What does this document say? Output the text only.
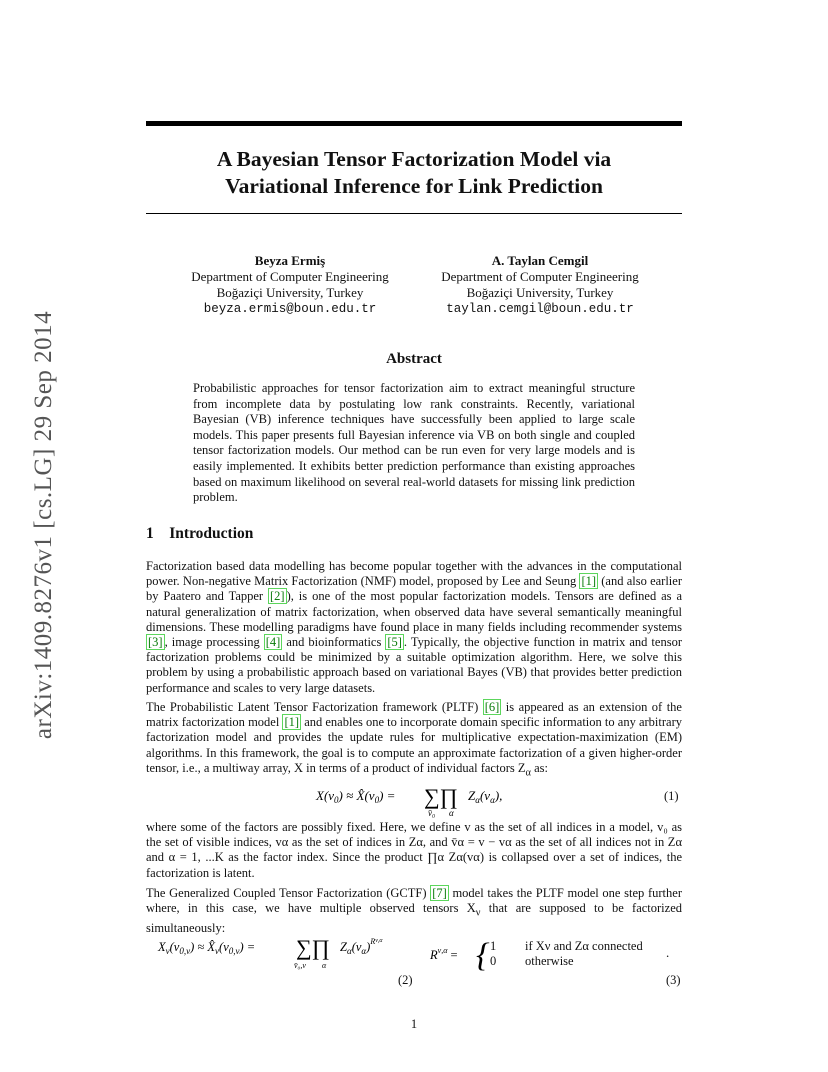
arXiv:1409.8276v1 [cs.LG] 29 Sep 2014
A Bayesian Tensor Factorization Model via
Variational Inference for Link Prediction
Beyza Ermiş
Department of Computer Engineering
Boğaziçi University, Turkey
beyza.ermis@boun.edu.tr
A. Taylan Cemgil
Department of Computer Engineering
Boğaziçi University, Turkey
taylan.cemgil@boun.edu.tr
Abstract
Probabilistic approaches for tensor factorization aim to extract meaningful structure from incomplete data by postulating low rank constraints. Recently, variational Bayesian (VB) inference techniques have successfully been applied to large scale models. This paper presents full Bayesian inference via VB on both single and coupled tensor factorization models. Our method can be run even for very large models and is easily implemented. It exhibits better prediction performance than existing approaches based on maximum likelihood on several real-world datasets for missing link prediction problem.
1 Introduction
Factorization based data modelling has become popular together with the advances in the computational power. Non-negative Matrix Factorization (NMF) model, proposed by Lee and Seung [1] (and also earlier by Paatero and Tapper [2] ), is one of the most popular factorization models. Tensors are defined as a natural generalization of matrix factorization, when observed data have several semantically meaningful dimensions. These modelling paradigms have found place in many fields including recommender systems [3] , image processing [4] and bioinformatics [5] . Typically, the objective function in matrix and tensor factorization problems could be minimized by a suitable optimization algorithm. Here, we solve this problem by using a probabilistic approach based on variational Bayes (VB) that provides better prediction performance and scales to very large datasets.
The Probabilistic Latent Tensor Factorization framework (PLTF) [6] is appeared as an extension of the matrix factorization model [1] and enables one to incorporate domain specific information to any arbitrary factorization model and provides the update rules for multiplicative expectation-maximization (EM) algorithms. In this framework, the goal is to compute an approximate factorization of a given higher-order tensor, i.e., a multiway array, X in terms of a product of individual factors $Z_\alpha$ as:
$X(v_0)$ ≈ $X̂(v_0)$ = ∑∏
v̄₀ α
$Z_\alpha(v_\alpha)$,	(1)
where some of the factors are possibly fixed. Here, we define v as the set of all indices in a model, v₀ as the set of visible indices, vα as the set of indices in Zα, and v̄α = v − vα as the set of all indices not in Zα and α = 1, ...K as the factor index. Since the product ∏α Zα(vα) is collapsed over a set of indices, the factorization is latent.
The Generalized Coupled Tensor Factorization (GCTF) [7] model takes the PLTF model one step further where, in this case, we have multiple observed tensors $X_\nu$ that are supposed to be factorized simultaneously:
$X_\nu(v_{0,\nu})$ ≈ $X̂_\nu(v_{0,\nu})$ = ∑∏
v̄₀,ν α
$Z_\alpha(v_\alpha)^R\nu,\alpha$
(2)
$R^{\nu,\alpha}$ = { 1 if Xν and Zα connected
0 otherwise
.
(3)
1
